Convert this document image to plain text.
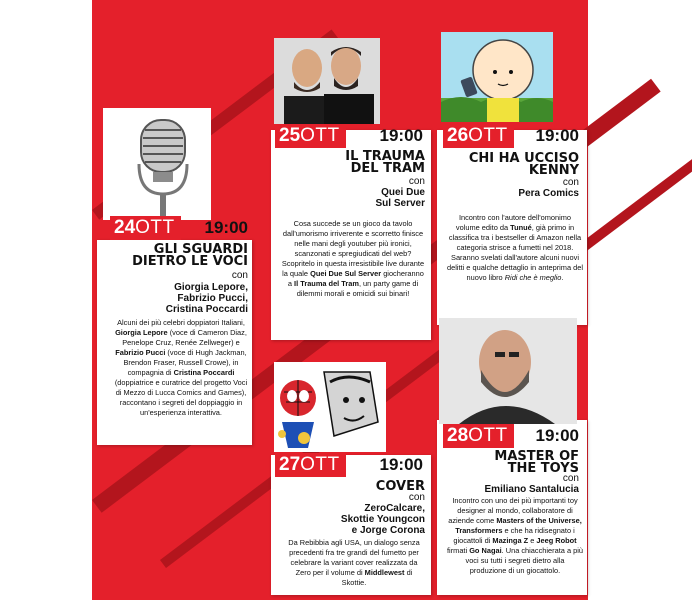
24 OTT 19:00
GLI SGUARDI
DIETRO LE VOCI
con
Giorgia Lepore,
Fabrizio Pucci,
Cristina Poccardi
Alcuni dei più celebri doppiatori Italiani, Giorgia Lepore (voce di Cameron Diaz, Penelope Cruz, Renée Zellweger) e Fabrizio Pucci (voce di Hugh Jackman, Brendon Fraser, Russell Crowe), in compagnia di Cristina Poccardi (doppiatrice e curatrice del progetto Voci di Mezzo di Lucca Comics and Games), raccontano i segreti del doppiaggio in un'esperienza interattiva.
25 OTT 19:00
IL TRAUMA
DEL TRAM
con
Quei Due
Sul Server
Cosa succede se un gioco da tavolo dall'umorismo irriverente e scorretto finisce nelle mani degli youtuber più ironici, scanzonati e spregiudicati del web? Scopritelo in questa irresistibile live durante la quale Quei Due Sul Server giocheranno a Il Trauma del Tram, un party game di dilemmi morali e omicidi sui binari!
26 OTT 19:00
CHI HA UCCISO
KENNY
con
Pera Comics
Incontro con l'autore dell'omonimo volume edito da Tunué, già primo in classifica tra i bestseller di Amazon nella categoria strisce a fumetti nel 2018. Saranno svelati dall'autore alcuni nuovi delitti e qualche dettaglio in anteprima del nuovo libro Ridi che è meglio.
27 OTT 19:00
COVER
con
ZeroCalcare,
Skottie Youngcon
e Jorge Corona
Da Rebibbia agli USA, un dialogo senza precedenti fra tre grandi del fumetto per celebrare la variant cover realizzata da Zero per il volume di Middlewest di Skottie.
28 OTT 19:00
MASTER OF
THE TOYS
con
Emiliano Santalucia
Incontro con uno dei più importanti toy designer al mondo, collaboratore di aziende come Masters of the Universe, Transformers e che ha ridisegnato i giocattoli di Mazinga Z e Jeeg Robot firmati Go Nagai. Una chiacchierata a più voci su tutti i segreti dietro alla produzione di un giocattolo.
